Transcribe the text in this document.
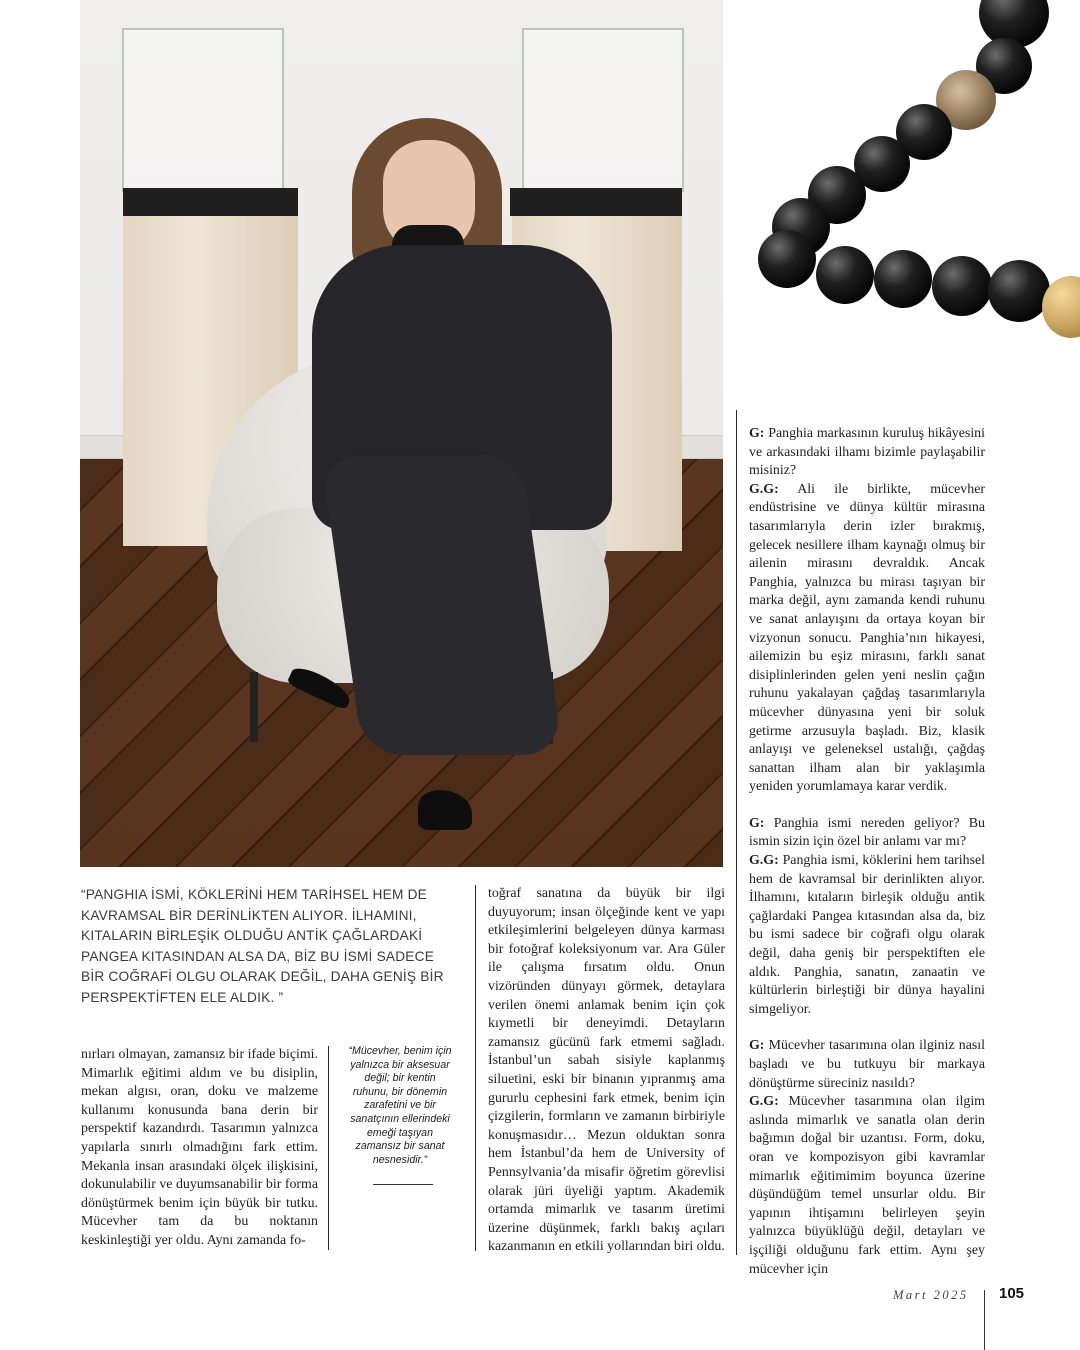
“PANGHIA İSMİ, KÖKLERİNİ HEM TARİHSEL HEM DE KAVRAMSAL BİR DERİNLİKTEN ALIYOR. İLHAMINI, KITALARIN BİRLEŞİK OLDUĞU ANTİK ÇAĞLARDAKİ PANGEA KITASINDAN ALSA DA, BİZ BU İSMİ SADECE BİR COĞRAFİ OLGU OLARAK DEĞİL, DAHA GENİŞ BİR PERSPEKTİFTEN ELE ALDIK. ”

nırları olmayan, zamansız bir ifade biçimi. Mimarlık eğitimi aldım ve bu disiplin, mekan algısı, oran, doku ve malzeme kullanımı konusunda bana derin bir perspektif kazandırdı. Tasarımın yalnızca yapılarla sınırlı olmadığını fark ettim. Mekanla insan arasındaki ölçek ilişkisini, dokunulabilir ve duyumsanabilir bir forma dönüştürmek benim için büyük bir tutku. Mücevher tam da bu noktanın keskinleştiği yer oldu. Aynı zamanda fo-

“Mücevher, benim için yalnızca bir aksesuar değil; bir kentin ruhunu, bir dönemin zarafetini ve bir sanatçının ellerindeki emeği taşıyan zamansız bir sanat nesnesidir.”

toğraf sanatına da büyük bir ilgi duyuyorum; insan ölçeğinde kent ve yapı etkileşimlerini belgeleyen dünya karması bir fotoğraf koleksiyonum var. Ara Güler ile çalışma fırsatım oldu. Onun vizöründen dünyayı görmek, detaylara verilen önemi anlamak benim için çok kıymetli bir deneyimdi. Detayların zamansız gücünü fark etmemi sağladı. İstanbul’un sabah sisiyle kaplanmış siluetini, eski bir binanın yıpranmış ama gururlu cephesini fark etmek, benim için çizgilerin, formların ve zamanın birbiriyle konuşmasıdır… Mezun olduktan sonra hem İstanbul’da hem de University of Pennsylvania’da misafir öğretim görevlisi olarak jüri üyeliği yaptım. Akademik ortamda mimarlık ve tasarım üretimi üzerine düşünmek, farklı bakış açıları kazanmanın en etkili yollarından biri oldu.

G: Panghia markasının kuruluş hikâyesini ve arkasındaki ilhamı bizimle paylaşabilir misiniz?

G.G: Ali ile birlikte, mücevher endüstrisine ve dünya kültür mirasına tasarımlarıyla derin izler bırakmış, gelecek nesillere ilham kaynağı olmuş bir ailenin mirasını devraldık. Ancak Panghia, yalnızca bu mirası taşıyan bir marka değil, aynı zamanda kendi ruhunu ve sanat anlayışını da ortaya koyan bir vizyonun sonucu. Panghia’nın hikayesi, ailemizin bu eşiz mirasını, farklı sanat disiplinlerinden gelen yeni neslin çağın ruhunu yakalayan çağdaş tasarımlarıyla mücevher dünyasına yeni bir soluk getirme arzusuyla başladı. Biz, klasik anlayışı ve geleneksel ustalığı, çağdaş sanattan ilham alan bir yaklaşımla yeniden yorumlamaya karar verdik.

G: Panghia ismi nereden geliyor? Bu ismin sizin için özel bir anlamı var mı?

G.G: Panghia ismi, köklerini hem tarihsel hem de kavramsal bir derinlikten alıyor. İlhamını, kıtaların birleşik olduğu antik çağlardaki Pangea kıtasından alsa da, biz bu ismi sadece bir coğrafi olgu olarak değil, daha geniş bir perspektiften ele aldık. Panghia, sanatın, zanaatin ve kültürlerin birleştiği bir dünya hayalini simgeliyor.

G: Mücevher tasarımına olan ilginiz nasıl başladı ve bu tutkuyu bir markaya dönüştürme süreciniz nasıldı?

G.G: Mücevher tasarımına olan ilgim aslında mimarlık ve sanatla olan derin bağımın doğal bir uzantısı. Form, doku, oran ve kompozisyon gibi kavramlar mimarlık eğitimimim boyunca üzerine düşündüğüm temel unsurlar oldu. Bir yapının ihtişamını belirleyen şeyin yalnızca büyüklüğü değil, detayları ve işçiliği olduğunu fark ettim. Aynı şey mücevher için

Mart 2025 105
